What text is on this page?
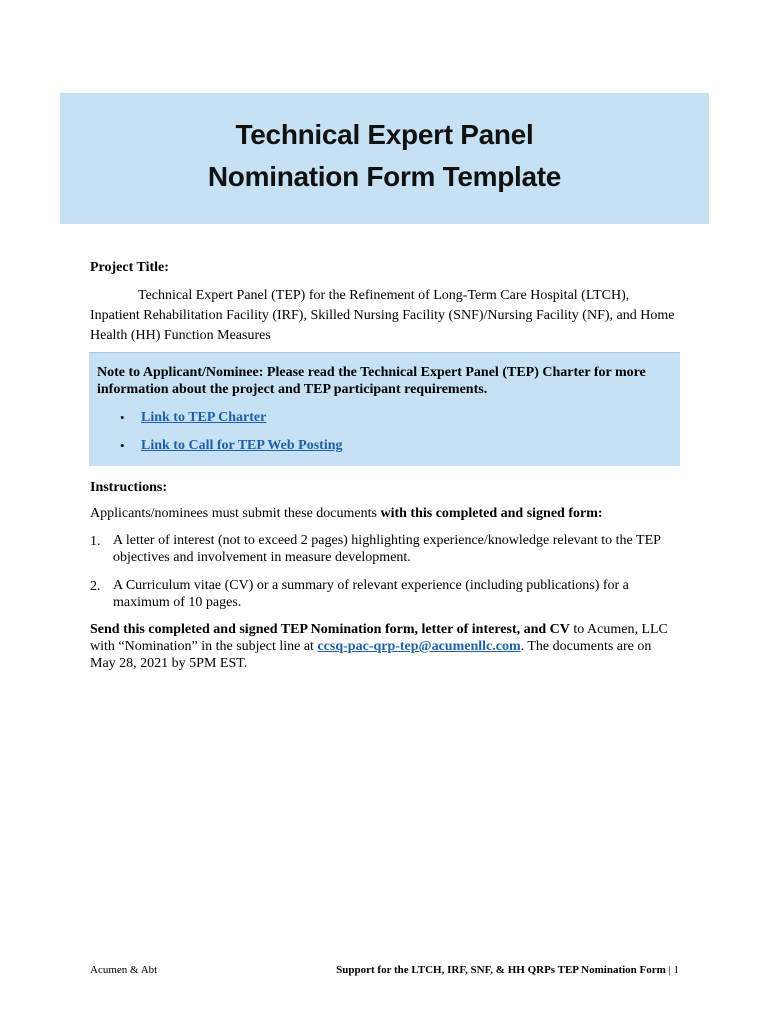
Technical Expert Panel
Nomination Form Template
Project Title:
Technical Expert Panel (TEP) for the Refinement of Long-Term Care Hospital (LTCH), Inpatient Rehabilitation Facility (IRF), Skilled Nursing Facility (SNF)/Nursing Facility (NF), and Home Health (HH) Function Measures
Note to Applicant/Nominee: Please read the Technical Expert Panel (TEP) Charter for more information about the project and TEP participant requirements.
• Link to TEP Charter
• Link to Call for TEP Web Posting
Instructions:
Applicants/nominees must submit these documents with this completed and signed form:
1. A letter of interest (not to exceed 2 pages) highlighting experience/knowledge relevant to the TEP objectives and involvement in measure development.
2. A Curriculum vitae (CV) or a summary of relevant experience (including publications) for a maximum of 10 pages.
Send this completed and signed TEP Nomination form, letter of interest, and CV to Acumen, LLC with “Nomination” in the subject line at ccsq-pac-qrp-tep@acumenllc.com. The documents are on May 28, 2021 by 5PM EST.
Acumen & Abt	Support for the LTCH, IRF, SNF, & HH QRPs TEP Nomination Form | 1
